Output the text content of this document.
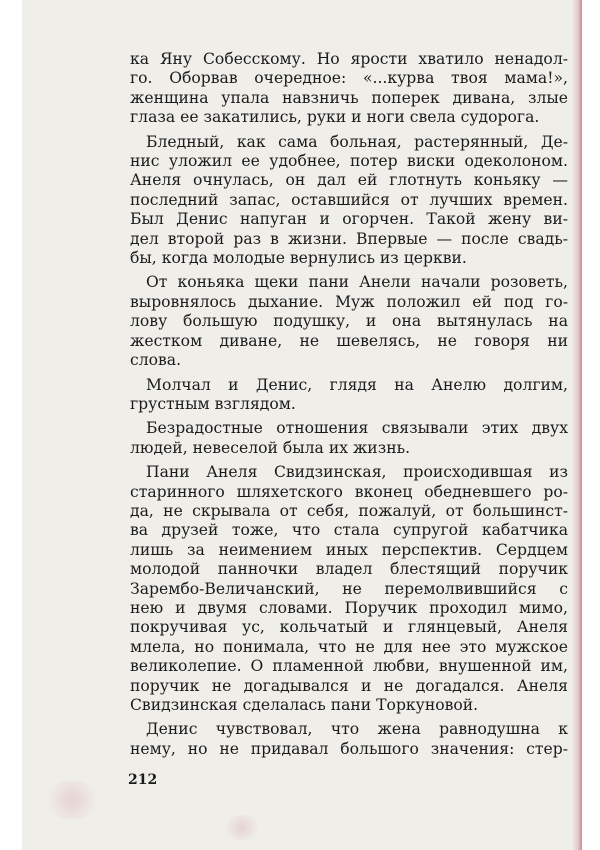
ка Яну Собесскому. Но ярости хватило ненадол-
го. Оборвав очередное: «...курва твоя мама!»,
женщина упала навзничь поперек дивана, злые
глаза ее закатились, руки и ноги свела судорога.
Бледный, как сама больная, растерянный, Де-
нис уложил ее удобнее, потер виски одеколоном.
Анеля очнулась, он дал ей глотнуть коньяку —
последний запас, оставшийся от лучших времен.
Был Денис напуган и огорчен. Такой жену ви-
дел второй раз в жизни. Впервые — после свадь-
бы, когда молодые вернулись из церкви.
От коньяка щеки пани Анели начали розоветь,
выровнялось дыхание. Муж положил ей под го-
лову большую подушку, и она вытянулась на
жестком диване, не шевелясь, не говоря ни
слова.
Молчал и Денис, глядя на Анелю долгим,
грустным взглядом.
Безрадостные отношения связывали этих двух
людей, невеселой была их жизнь.
Пани Анеля Свидзинская, происходившая из
старинного шляхетского вконец обедневшего ро-
да, не скрывала от себя, пожалуй, от большинст-
ва друзей тоже, что стала супругой кабатчика
лишь за неимением иных перспектив. Сердцем
молодой панночки владел блестящий поручик
Зарембо-Величанский, не перемолвившийся с
нею и двумя словами. Поручик проходил мимо,
покручивая ус, кольчатый и глянцевый, Анеля
млела, но понимала, что не для нее это мужское
великолепие. О пламенной любви, внушенной им,
поручик не догадывался и не догадался. Анеля
Свидзинская сделалась пани Торкуновой.
Денис чувствовал, что жена равнодушна к
нему, но не придавал большого значения: стер-
212
